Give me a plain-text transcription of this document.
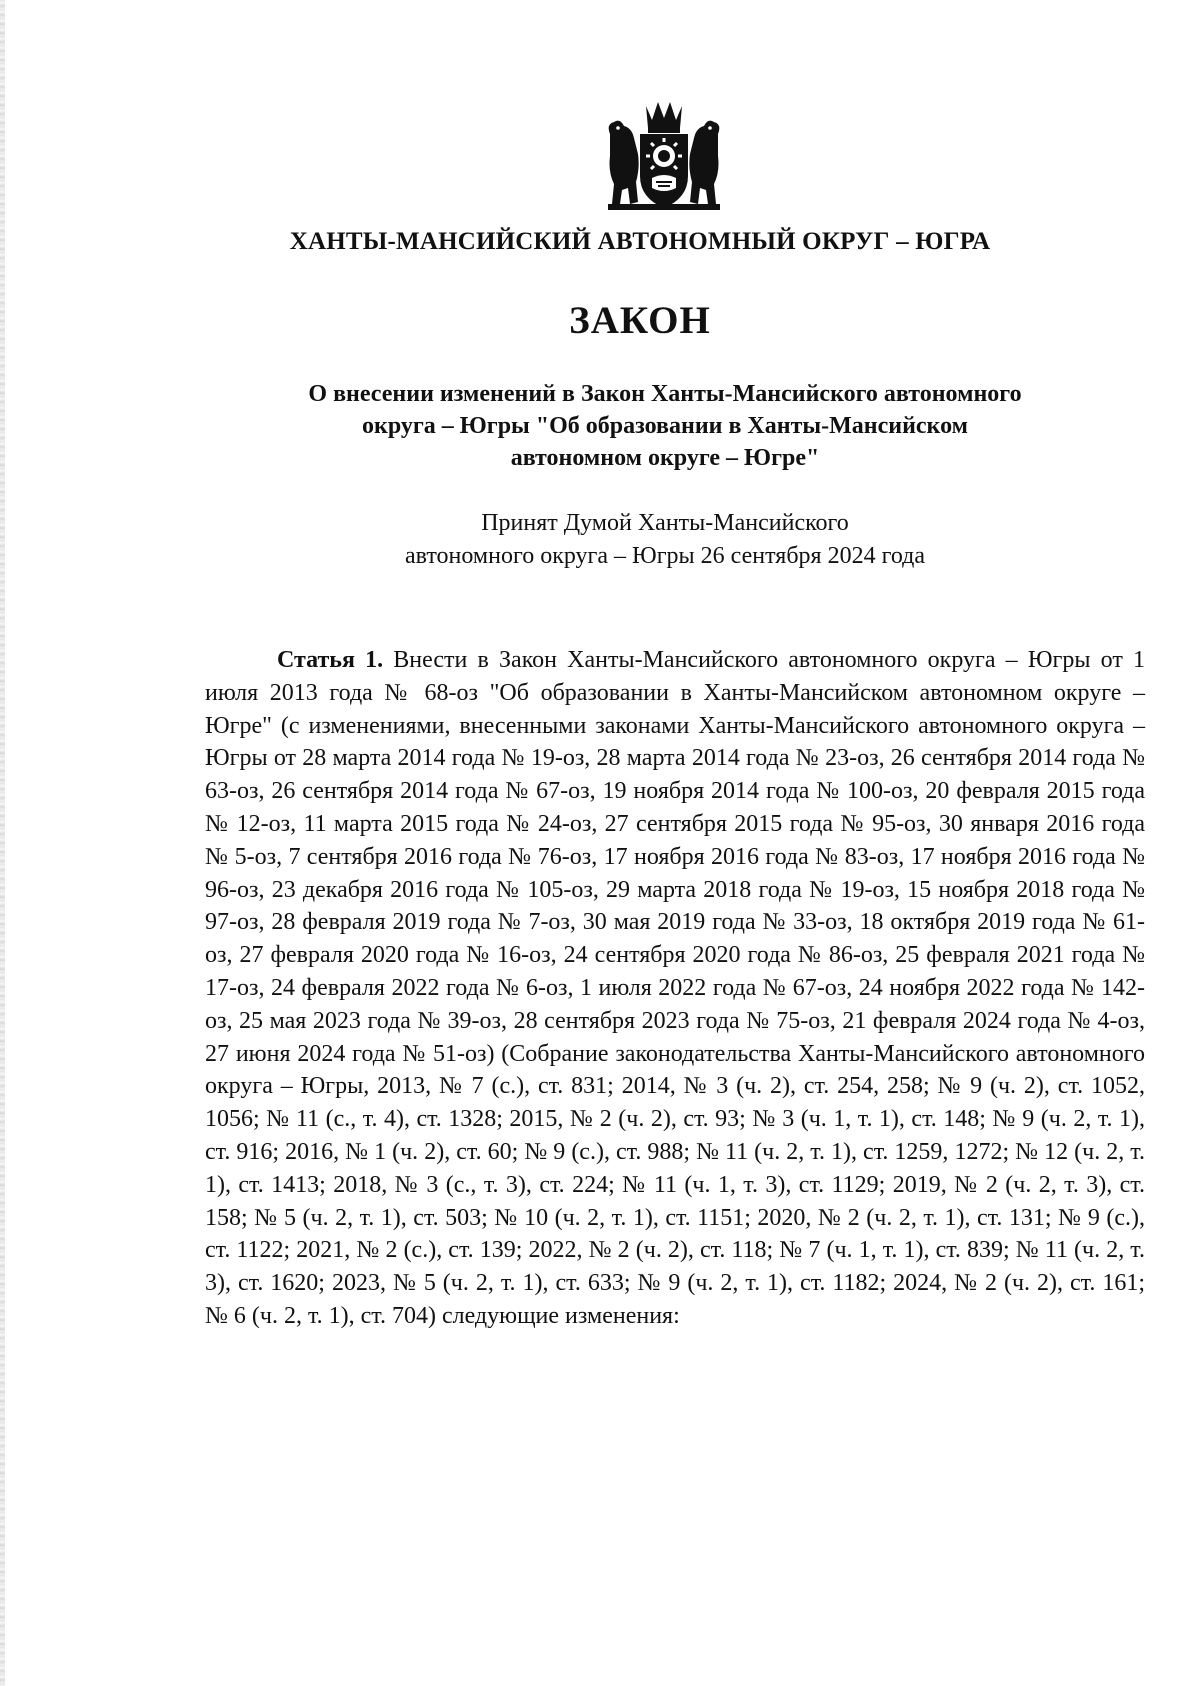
ХАНТЫ-МАНСИЙСКИЙ АВТОНОМНЫЙ ОКРУГ – ЮГРА
ЗАКОН
О внесении изменений в Закон Ханты-Мансийского автономного
округа – Югры "Об образовании в Ханты-Мансийском
автономном округе – Югре"
Принят Думой Ханты-Мансийского
автономного округа – Югры 26 сентября 2024 года
Статья 1. Внести в Закон Ханты-Мансийского автономного округа – Югры от 1 июля 2013 года № 68-оз "Об образовании в Ханты-Мансийском автономном округе – Югре" (с изменениями, внесенными законами Ханты-Мансийского автономного округа – Югры от 28 марта 2014 года № 19-оз, 28 марта 2014 года № 23-оз, 26 сентября 2014 года № 63-оз, 26 сентября 2014 года № 67-оз, 19 ноября 2014 года № 100-оз, 20 февраля 2015 года № 12-оз, 11 марта 2015 года № 24-оз, 27 сентября 2015 года № 95-оз, 30 января 2016 года № 5-оз, 7 сентября 2016 года № 76-оз, 17 ноября 2016 года № 83-оз, 17 ноября 2016 года № 96-оз, 23 декабря 2016 года № 105-оз, 29 марта 2018 года № 19-оз, 15 ноября 2018 года № 97-оз, 28 февраля 2019 года № 7-оз, 30 мая 2019 года № 33-оз, 18 октября 2019 года № 61-оз, 27 февраля 2020 года № 16-оз, 24 сентября 2020 года № 86-оз, 25 февраля 2021 года № 17-оз, 24 февраля 2022 года № 6-оз, 1 июля 2022 года № 67-оз, 24 ноября 2022 года № 142-оз, 25 мая 2023 года № 39-оз, 28 сентября 2023 года № 75-оз, 21 февраля 2024 года № 4-оз, 27 июня 2024 года № 51-оз) (Собрание законодательства Ханты-Мансийского автономного округа – Югры, 2013, № 7 (с.), ст. 831; 2014, № 3 (ч. 2), ст. 254, 258; № 9 (ч. 2), ст. 1052, 1056; № 11 (с., т. 4), ст. 1328; 2015, № 2 (ч. 2), ст. 93; № 3 (ч. 1, т. 1), ст. 148; № 9 (ч. 2, т. 1), ст. 916; 2016, № 1 (ч. 2), ст. 60; № 9 (с.), ст. 988; № 11 (ч. 2, т. 1), ст. 1259, 1272; № 12 (ч. 2, т. 1), ст. 1413; 2018, № 3 (с., т. 3), ст. 224; № 11 (ч. 1, т. 3), ст. 1129; 2019, № 2 (ч. 2, т. 3), ст. 158; № 5 (ч. 2, т. 1), ст. 503; № 10 (ч. 2, т. 1), ст. 1151; 2020, № 2 (ч. 2, т. 1), ст. 131; № 9 (с.), ст. 1122; 2021, № 2 (с.), ст. 139; 2022, № 2 (ч. 2), ст. 118; № 7 (ч. 1, т. 1), ст. 839; № 11 (ч. 2, т. 3), ст. 1620; 2023, № 5 (ч. 2, т. 1), ст. 633; № 9 (ч. 2, т. 1), ст. 1182; 2024, № 2 (ч. 2), ст. 161; № 6 (ч. 2, т. 1), ст. 704) следующие изменения:
